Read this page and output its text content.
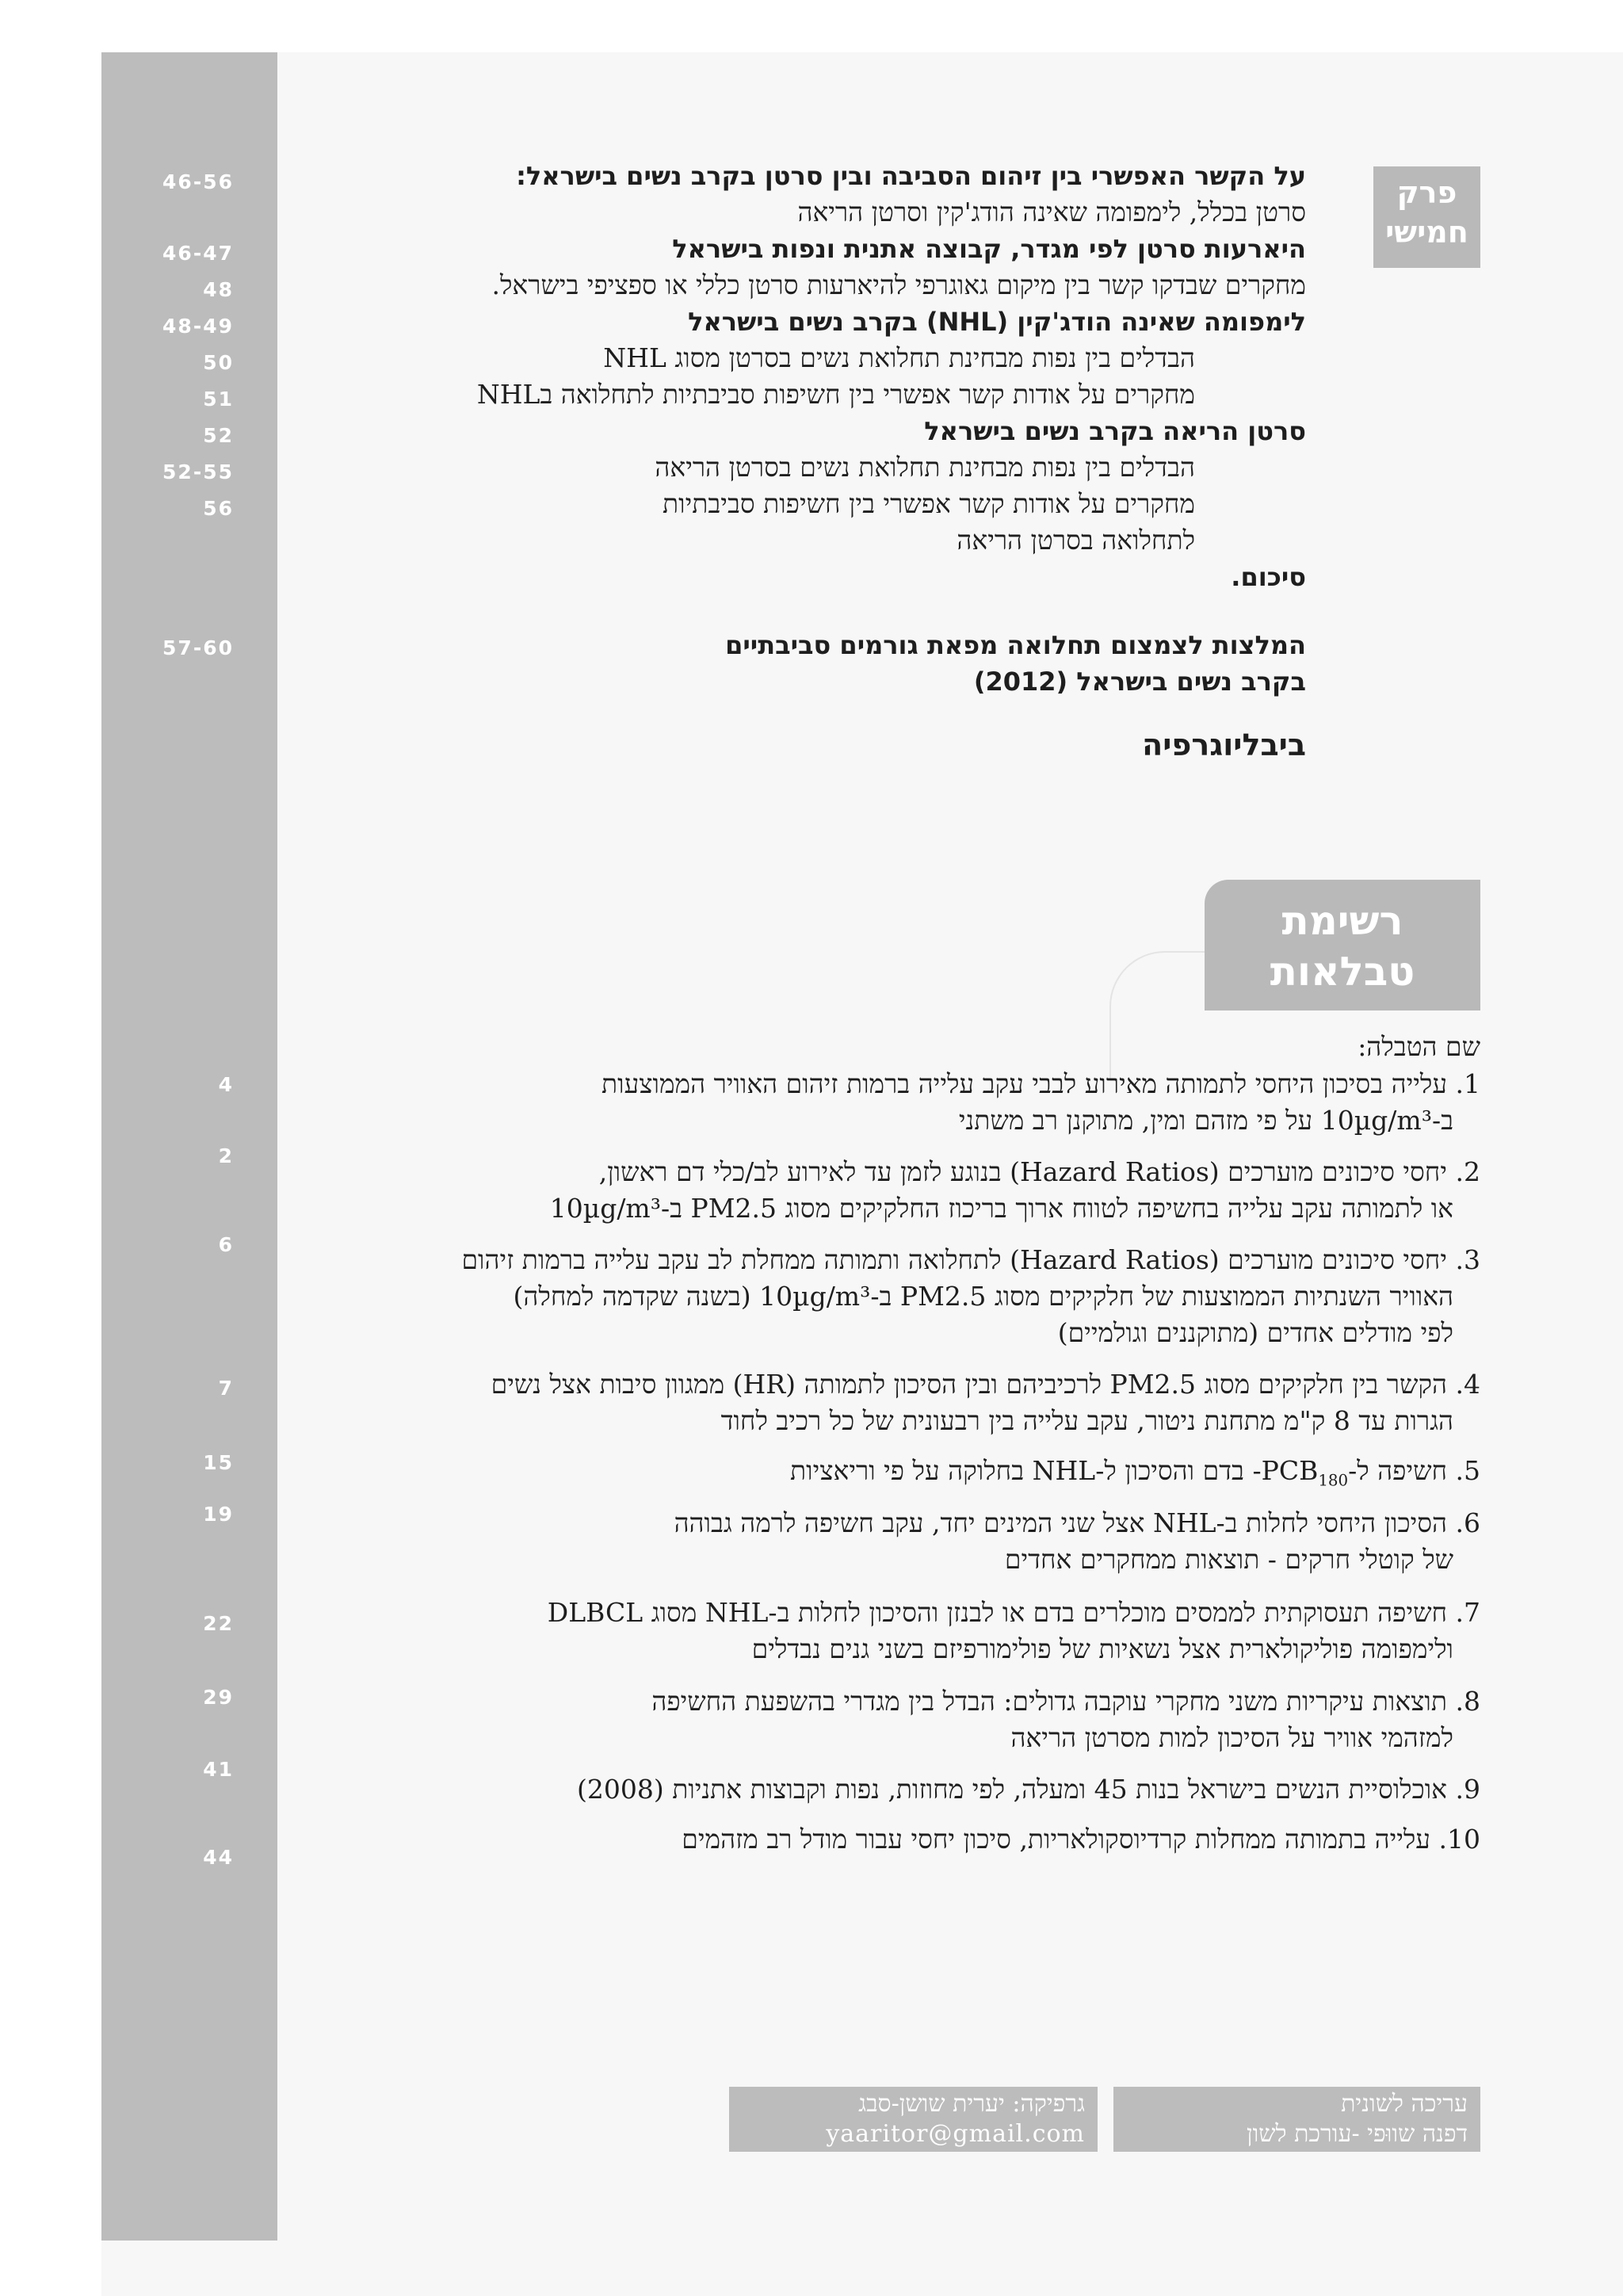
46-56
46-47
48
48-49
50
51
52
52-55
56
57-60
4
2
6
7
15
19
22
29
41
44
פרק
חמישי
על הקשר האפשרי בין זיהום הסביבה ובין סרטן בקרב נשים בישראל:
סרטן בכלל, לימפומה שאינה הודג'קין וסרטן הריאה
היארעות סרטן לפי מגדר, קבוצה אתנית ונפות בישראל
מחקרים שבדקו קשר בין מיקום גאוגרפי להיארעות סרטן כללי או ספציפי בישראל.
לימפומה שאינה הודג'קין (NHL) בקרב נשים בישראל
הבדלים בין נפות מבחינת תחלואת נשים בסרטן מסוג NHL
מחקרים על אודות קשר אפשרי בין חשיפות סביבתיות לתחלואה בNHL
סרטן הריאה בקרב נשים בישראל
הבדלים בין נפות מבחינת תחלואת נשים בסרטן הריאה
מחקרים על אודות קשר אפשרי בין חשיפות סביבתיות
לתחלואה בסרטן הריאה
סיכום.
המלצות לצמצום תחלואה מפאת גורמים סביבתיים
בקרב נשים בישראל (2012)
ביבליוגרפיה
רשימת
טבלאות
שם הטבלה:
1. עלייה בסיכון היחסי לתמותה מאירוע לבבי עקב עלייה ברמות זיהום האוויר הממוצעות
ב-10µg/m³ על פי מזהם ומין, מתוקנן רב משתני
2. יחסי סיכונים מוערכים (Hazard Ratios) בנוגע לזמן עד לאירוע לב/כלי דם ראשון,
או לתמותה עקב עלייה בחשיפה לטווח ארוך בריכוז החלקיקים מסוג PM2.5 ב-10µg/m³
3. יחסי סיכונים מוערכים (Hazard Ratios) לתחלואה ותמותה ממחלת לב עקב עלייה ברמות זיהום
האוויר השנתיות הממוצעות של חלקיקים מסוג PM2.5 ב-10µg/m³ (בשנה שקדמה למחלה)
לפי מודלים אחדים (מתוקננים וגולמיים)
4. הקשר בין חלקיקים מסוג PM2.5 לרכיביהם ובין הסיכון לתמותה (HR) ממגוון סיבות אצל נשים
הגרות עד 8 ק"מ מתחנת ניטור, עקב עלייה בין רבעונית של כל רכיב לחוד
5. חשיפה $ל-PCB_{180}-$ בדם והסיכון ל-NHL בחלוקה על פי וריאציות
6. הסיכון היחסי לחלות ב-NHL אצל שני המינים יחד, עקב חשיפה לרמה גבוהה
של קוטלי חרקים - תוצאות ממחקרים אחדים
7. חשיפה תעסוקתית לממסים מוכלרים בדם או לבנזן והסיכון לחלות ב-NHL מסוג DLBCL
ולימפומה פוליקולארית אצל נשאיות של פולימורפיזם בשני גנים נבדלים
8. תוצאות עיקריות משני מחקרי עוקבה גדולים: הבדל בין מגדרי בהשפעת החשיפה
למזהמי אוויר על הסיכון למות מסרטן הריאה
9. אוכלוסיית הנשים בישראל בנות 45 ומעלה, לפי מחוזות, נפות וקבוצות אתניות (2008)
10. עלייה בתמותה ממחלות קרדיוסקולאריות, סיכון יחסי עבור מודל רב מזהמים
עריכה לשונית
דפנה שווּפי -עורכת לשון
גרפיקה: יערית שושן-סבג
yaaritor@gmail.com
